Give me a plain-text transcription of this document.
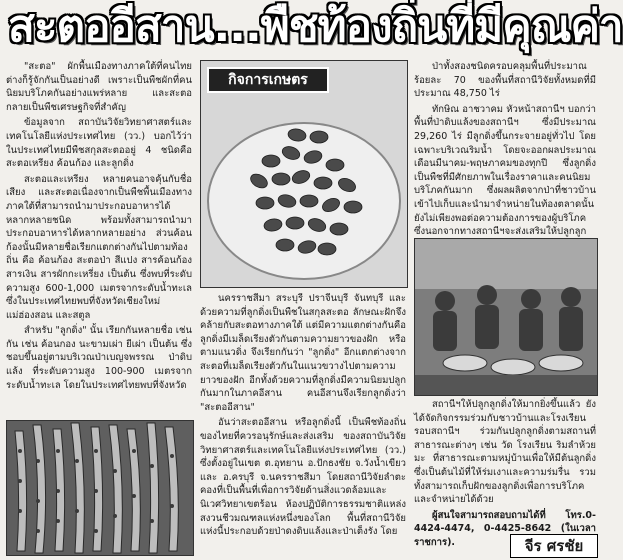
สะตออีสาน...พืชท้องถิ่นที่มีคุณค่า

"สะตอ" ผักพื้นเมืองทางภาคใต้ที่คนไทยต่างก็รู้จักกันเป็นอย่างดี เพราะเป็นพืชผักที่คนนิยมบริโภคกันอย่างแพร่หลาย และสะตอกลายเป็นพืชเศรษฐกิจที่สำคัญ

ข้อมูลจาก สถาบันวิจัยวิทยาศาสตร์และเทคโนโลยีแห่งประเทศไทย (วว.) บอกไว้ว่า ในประเทศไทยมีพืชสกุลสะตออยู่ 4 ชนิดคือ สะตอเหรียง ค้อนก้อง และลูกดิ่ง

สะตอและเหรียง หลายคนอาจคุ้นกับชื่อเสียง และสะตอเนื่องจากเป็นพืชพื้นเมืองทางภาคใต้ที่สามารถนำมาประกอบอาหารได้หลากหลายชนิด พร้อมทั้งสามารถนำมาประกอบอาหารได้หลากหลายอย่าง ส่วนค้อนก้องนั้นมีหลายชื่อเรียกแตกต่างกันไปตามท้องถิ่น คือ ค้อนก้อง สะตอป่า สีแปง สารค้อนก้อง สารเงิน สารผักกะเหรี่ยง เป็นต้น ซึ่งพบที่ระดับความสูง 600-1,000 เมตรจากระดับน้ำทะเล ซึ่งในประเทศไทยพบที่จังหวัดเชียงใหม่ แม่ฮ่องสอน และสตูล

สำหรับ "ลูกดิ่ง" นั้น เรียกกันหลายชื่อ เช่นกัน เช่น ค้อนกอง นะขามเผ่า ยีเผ่า เป็นต้น ซึ่งชอบขึ้นอยู่ตามบริเวณป่าเบญจพรรณ ป่าดิบแล้ง ที่ระดับความสูง 100-900 เมตรจากระดับน้ำทะเล โดยในประเทศไทยพบที่จังหวัด

กิจการเกษตร

นครราชสีมา สระบุรี ปราจีนบุรี จันทบุรี และด้วยความที่ลูกดิ่งเป็นพืชในสกุลสะตอ ลักษณะฝักจึงคล้ายกับสะตอทางภาคใต้ แต่มีความแตกต่างกันคือ ลูกดิ่งมีเมล็ดเรียงตัวกันตามความยาวของฝัก หรือตามแนวดิ่ง จึงเรียกกันว่า "ลูกดิ่ง" อีกแตกต่างจากสะตอที่เมล็ดเรียงตัวกันในแนวขวางไปตามความยาวของฝัก อีกทั้งด้วยความที่ลูกดิ่งมีความนิยมปลูกกันมากในภาคอีสาน คนอีสานจึงเรียกลูกดิ่งว่า "สะตออีสาน"

อันว่าสะตออีสาน หรือลูกดิ่งนี้ เป็นพืชท้องถิ่นของไทยที่ควรอนุรักษ์และส่งเสริม ของสถาบันวิจัยวิทยาศาสตร์และเทคโนโลยีแห่งประเทศไทย (วว.) ซึ่งตั้งอยู่ในเขต ต.อุทยาน อ.ปักธงชัย จ.วังน้ำเขียว และ อ.ครบุรี จ.นครราชสีมา โดยสถานีวิจัยลำตะคองที่เป็นพื้นที่เพื่อการวิจัยด้านสิ่งแวดล้อมและนิเวศวิทยาเขตร้อน ห้องปฏิบัติการธรรมชาติแหล่งสงวนชีวมณฑลแห่งหนึ่งของโลก พื้นที่สถานีวิจัยแห่งนี้ประกอบด้วยป่าดงดิบแล้งและป่าเต็งรัง โดย

ป่าทั้งสองชนิดครอบคลุมพื้นที่ประมาณร้อยละ 70 ของพื้นที่สถานีวิจัยทั้งหมดที่มีประมาณ 48,750 ไร่

ทักษิณ อาชวาคม หัวหน้าสถานีฯ บอกว่า พื้นที่ป่าดิบแล้งของสถานีฯ ซึ่งมีประมาณ 29,260 ไร่ มีลูกดิ่งขึ้นกระจายอยู่ทั่วไป โดยเฉพาะบริเวณริมน้ำ โดยจะออกผลประมาณเดือนมีนาคม-พฤษภาคมของทุกปี ซึ่งลูกดิ่งเป็นพืชที่มีศักยภาพในเรื่องราคาและคนนิยมบริโภคกันมาก ซึ่งผลผลิตจากป่าที่ชาวบ้านเข้าไปเก็บและนำมาจำหน่ายในท้องตลาดนั้นยังไม่เพียงพอต่อความต้องการของผู้บริโภค ซึ่งนอกจากทางสถานีฯจะส่งเสริมให้ปลูกลูก

สถานีฯให้ปลูกลูกดิ่งให้มากยิ่งขึ้นแล้ว ยังได้จัดกิจกรรมร่วมกับชาวบ้านและโรงเรียนรอบสถานีฯ ร่วมกันปลูกลูกดิ่งตามสถานที่สาธารณะต่างๆ เช่น วัด โรงเรียน ริมลำห้วยมะ ที่สาธารณะตามหมู่บ้านเพื่อให้มีต้นลูกดิ่ง ซึ่งเป็นต้นไม้ที่ให้ร่มเงาและความร่มรื่น รวมทั้งสามารถเก็บฝักของลูกดิ่งเพื่อการบริโภคและจำหน่ายได้ด้วย

ผู้สนใจสามารถสอบถามได้ที่ โทร.0-4424-4474, 0-4425-8642 (ในเวลาราชการ).	จีร ศรชัย
